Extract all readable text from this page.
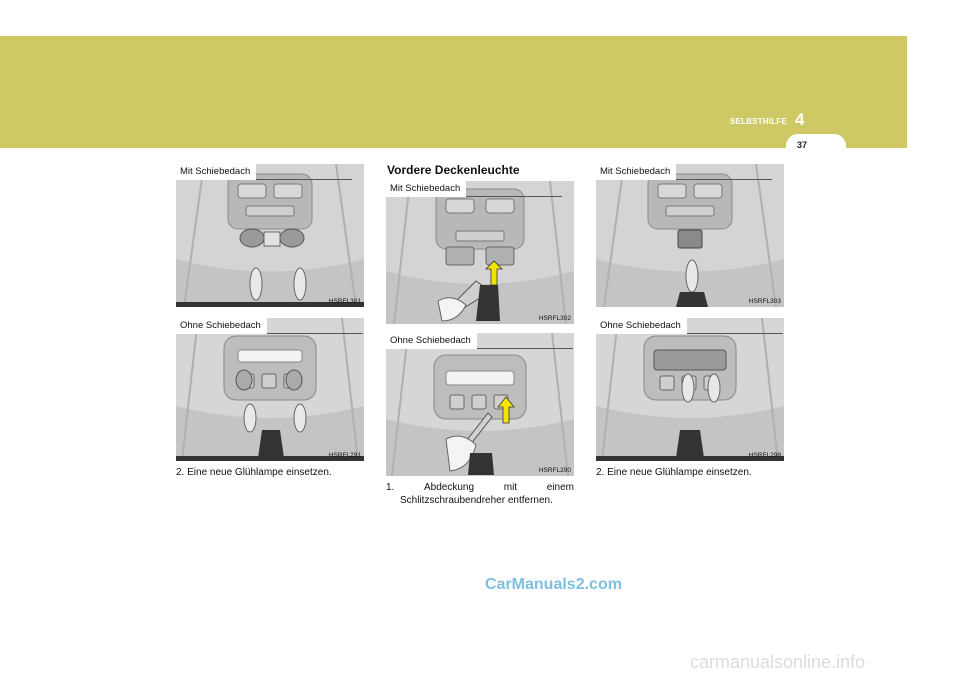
SELBSTHILFE 4
37
Vordere Deckenleuchte
Mit Schiebedach
HSRFL301
Ohne Schiebedach
HSRFL291
Mit Schiebedach
HSRFL302
Ohne Schiebedach
HSRFL290
Mit Schiebedach
HSRFL303
Ohne Schiebedach
HSRFL298
2. Eine neue Glühlampe einsetzen.
1.	Abdeckung	mit	einem
Schlitzschraubendreher entfernen.
2. Eine neue Glühlampe einsetzen.
CarManuals2.com
carmanualsonline.info
